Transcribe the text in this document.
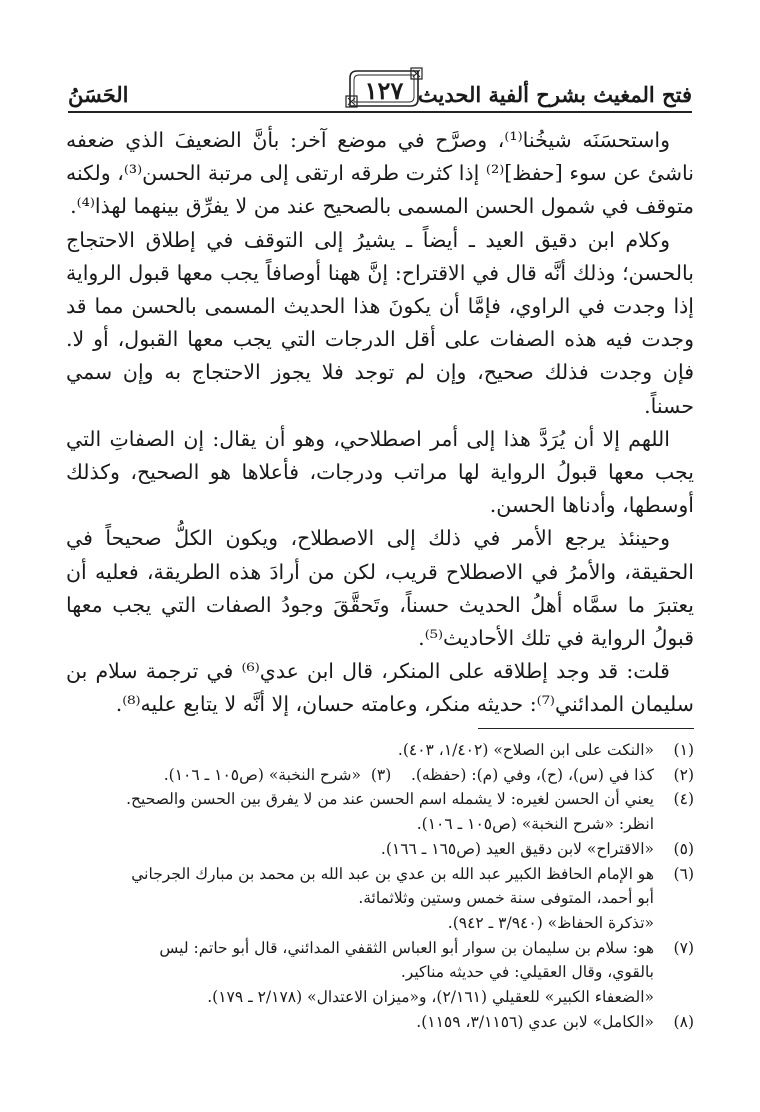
فتح المغيث بشرح ألفية الحديث
١٢٧
الحَسَنُ

واستحسَنَه شيخُنا⁽¹⁾، وصرَّح في موضع آخر: بأنَّ الضعيفَ الذي ضعفه ناشئ عن سوء [حفظ]⁽²⁾ إذا كثرت طرقه ارتقى إلى مرتبة الحسن⁽³⁾، ولكنه متوقف في شمول الحسن المسمى بالصحيح عند من لا يفرِّق بينهما لهذا⁽⁴⁾.

وكلام ابن دقيق العيد ـ أيضاً ـ يشيرُ إلى التوقف في إطلاق الاحتجاج بالحسن؛ وذلك أنَّه قال في الاقتراح: إنَّ ههنا أوصافاً يجب معها قبول الرواية إذا وجدت في الراوي، فإمَّا أن يكونَ هذا الحديث المسمى بالحسن مما قد وجدت فيه هذه الصفات على أقل الدرجات التي يجب معها القبول، أو لا. فإن وجدت فذلك صحيح، وإن لم توجد فلا يجوز الاحتجاج به وإن سمي حسناً.

اللهم إلا أن يُرَدَّ هذا إلى أمر اصطلاحي، وهو أن يقال: إن الصفاتِ التي يجب معها قبولُ الرواية لها مراتب ودرجات، فأعلاها هو الصحيح، وكذلك أوسطها، وأدناها الحسن.

وحينئذ يرجع الأمر في ذلك إلى الاصطلاح، ويكون الكلُّ صحيحاً في الحقيقة، والأمرُ في الاصطلاح قريب، لكن من أرادَ هذه الطريقة، فعليه أن يعتبرَ ما سمَّاه أهلُ الحديث حسناً، وتَحقَّقَ وجودُ الصفات التي يجب معها قبولُ الرواية في تلك الأحاديث⁽⁵⁾.

قلت: قد وجد إطلاقه على المنكر، قال ابن عدي⁽⁶⁾ في ترجمة سلام بن سليمان المدائني⁽⁷⁾: حديثه منكر، وعامته حسان، إلا أنَّه لا يتابع عليه⁽⁸⁾.

(١)
«النكت على ابن الصلاح» (١/٤٠٢، ٤٠٣).
(٢)
كذا في (س)، (ح)، وفي (م): (حفظه).    (٣)  «شرح النخبة» (ص١٠٥ ـ ١٠٦).
(٤)
يعني أن الحسن لغيره: لا يشمله اسم الحسن عند من لا يفرق بين الحسن والصحيح.
انظر: «شرح النخبة» (ص١٠٥ ـ ١٠٦).
(٥)
«الاقتراح» لابن دقيق العيد (ص١٦٥ ـ ١٦٦).
(٦)
هو الإمام الحافظ الكبير عبد الله بن عدي بن عبد الله بن محمد بن مبارك الجرجاني
أبو أحمد، المتوفى سنة خمس وستين وثلاثمائة.
«تذكرة الحفاظ» (٣/٩٤٠ ـ ٩٤٢).
(٧)
هو: سلام بن سليمان بن سوار أبو العباس الثقفي المدائني، قال أبو حاتم: ليس
بالقوي، وقال العقيلي: في حديثه مناكير.
«الضعفاء الكبير» للعقيلي (٢/١٦١)، و«ميزان الاعتدال» (٢/١٧٨ ـ ١٧٩).
(٨)
«الكامل» لابن عدي (٣/١١٥٦، ١١٥٩).
